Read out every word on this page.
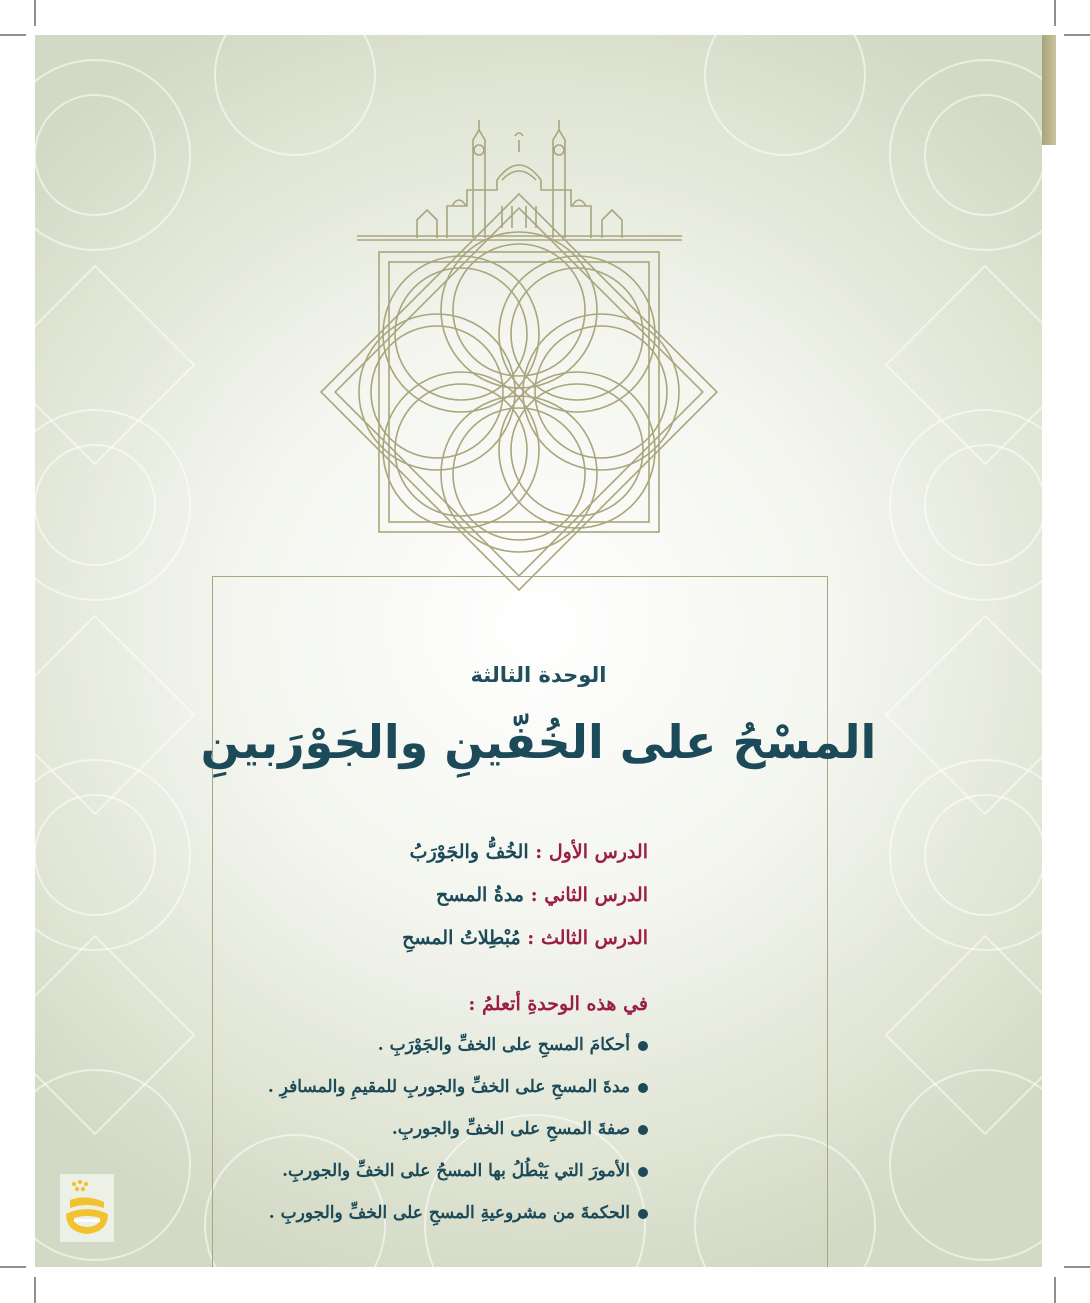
الوحدة الثالثة
المسْحُ على الخُفّينِ والجَوْرَبينِ
الدرس الأول : الخُفُّ والجَوْرَبُ
الدرس الثاني : مدةُ المسح
الدرس الثالث : مُبْطِلاتُ المسحِ
في هذه الوحدةِ أتعلمُ :
أحكامَ المسحِ على الخفِّ والجَوْرَبِ .
مدةَ المسحِ على الخفِّ والجوربِ للمقيمِ والمسافرِ .
صفةَ المسحِ على الخفِّ والجوربِ.
الأمورَ التي يَبْطُلُ بها المسحُ على الخفِّ والجوربِ.
الحكمةَ من مشروعيةِ المسحِ على الخفِّ والجوربِ .
